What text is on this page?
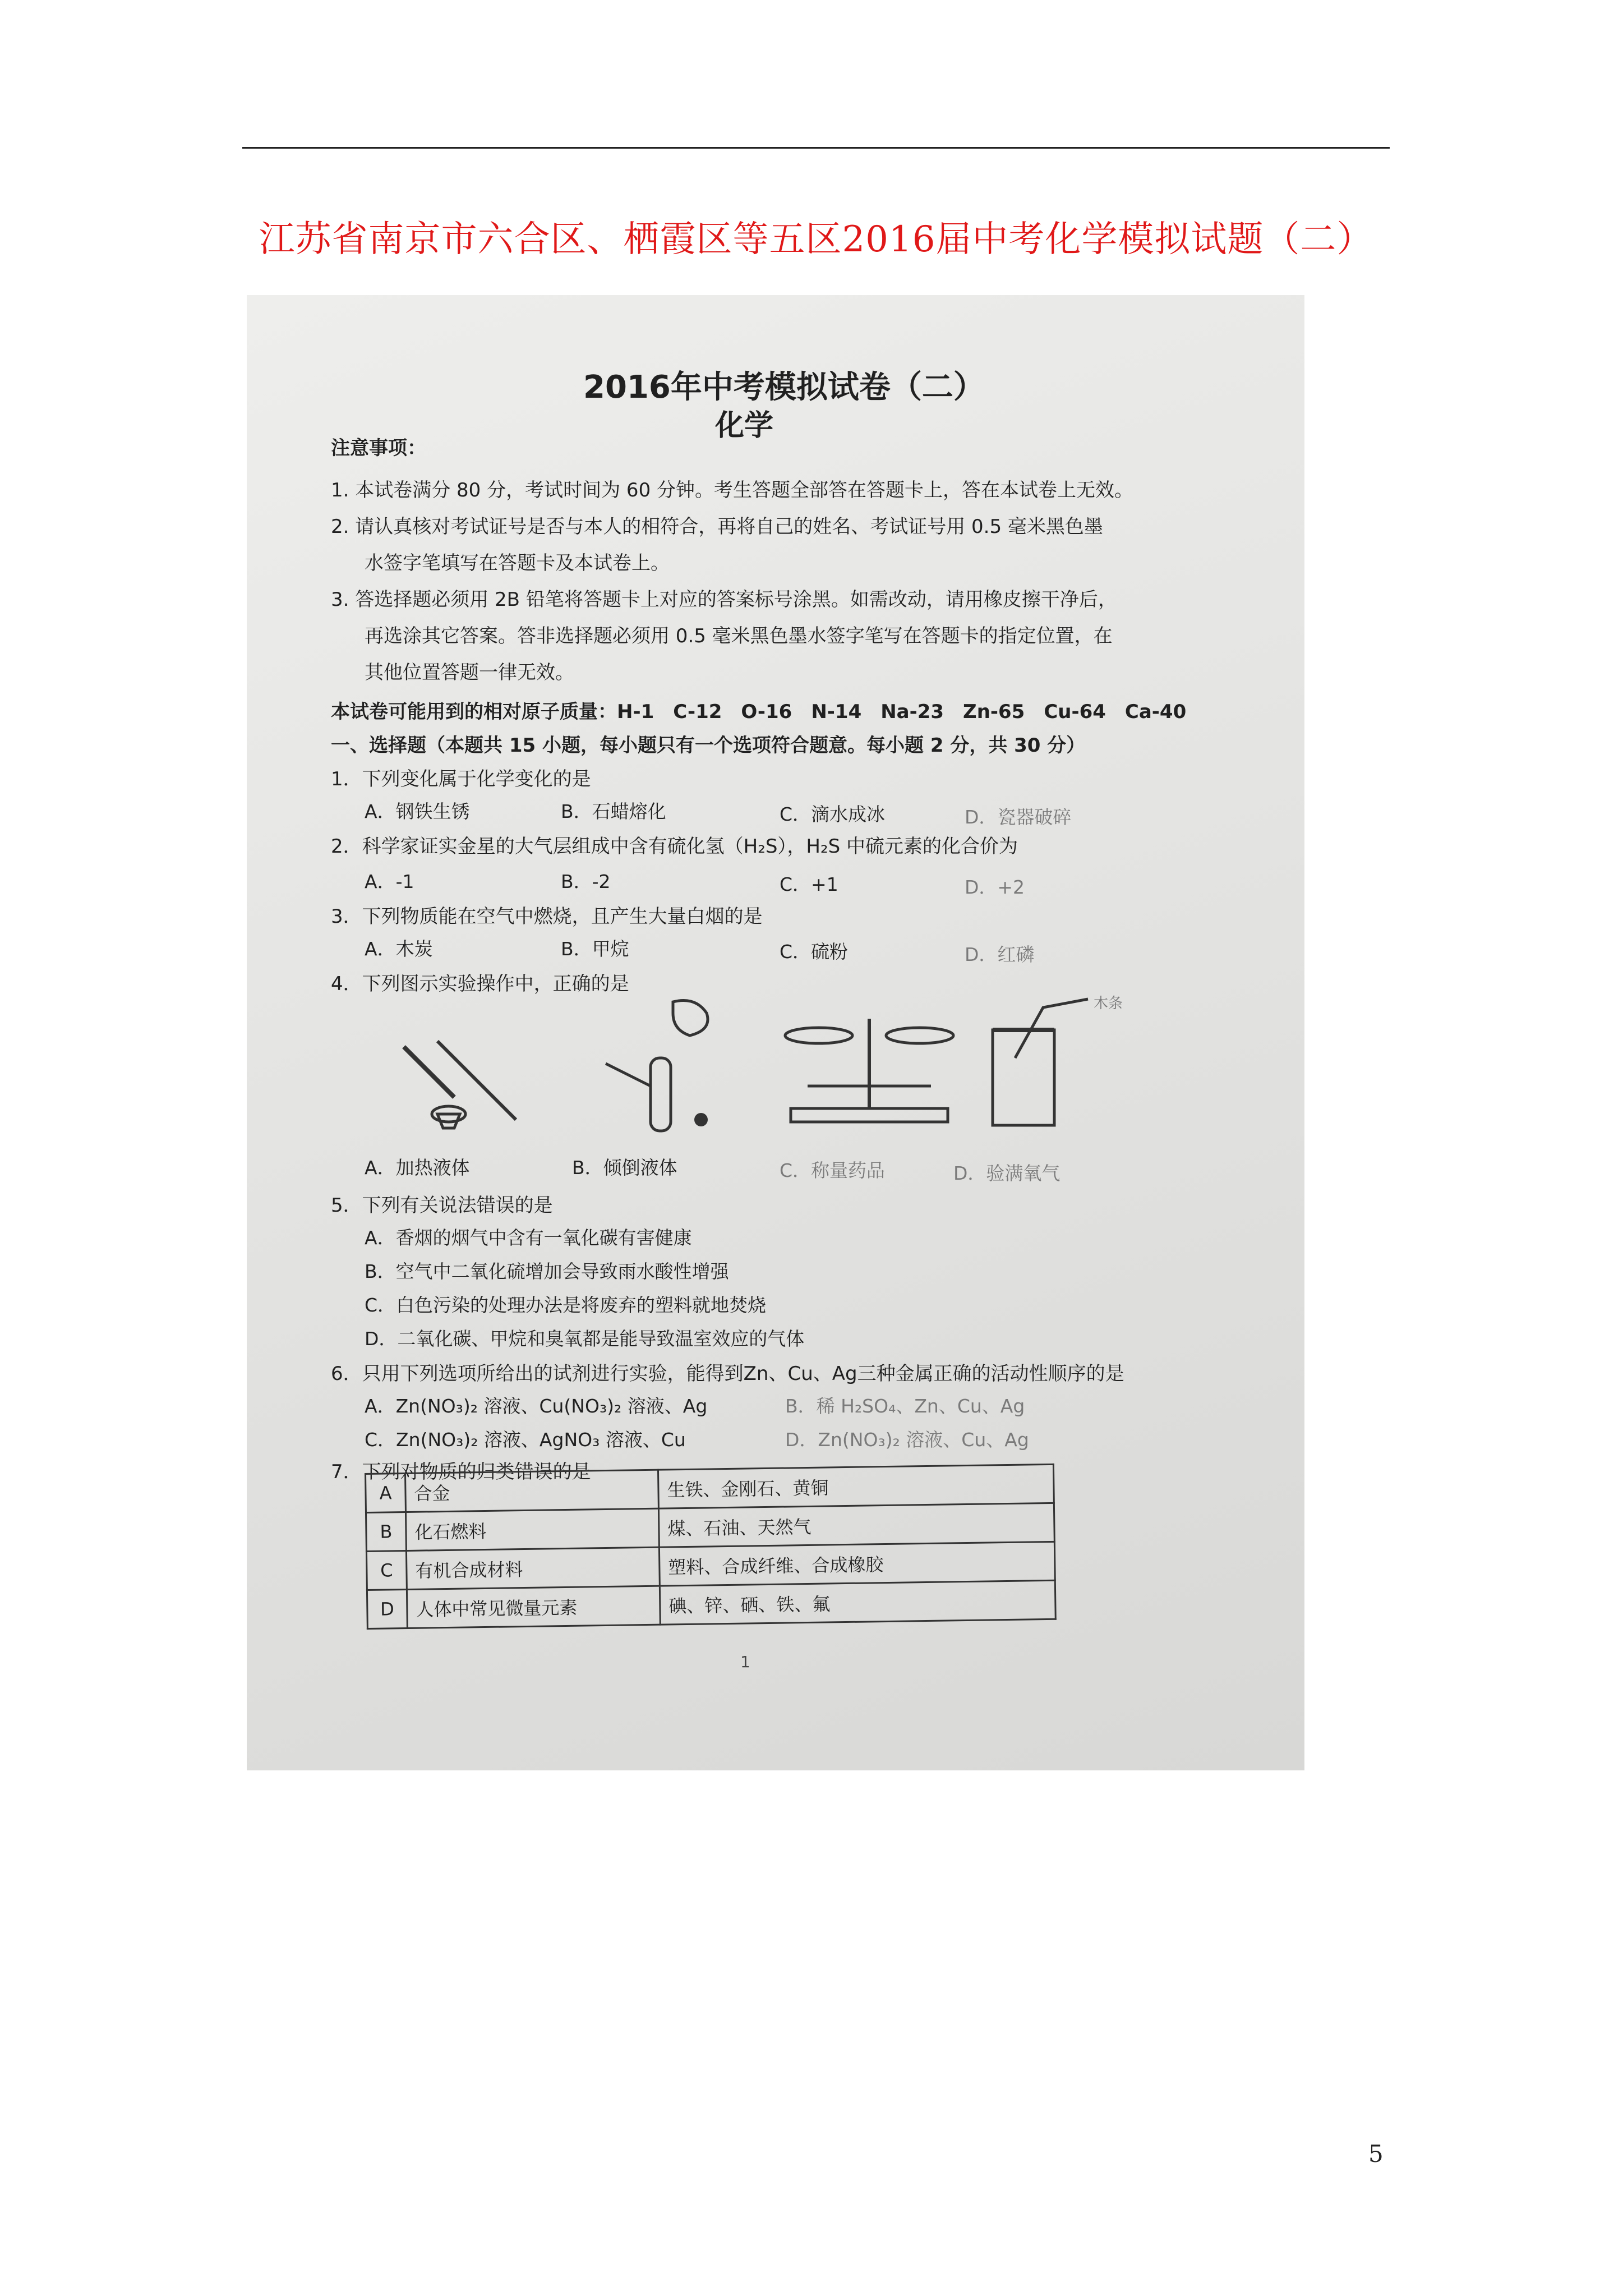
江苏省南京市六合区、栖霞区等五区2016届中考化学模拟试题（二）
2016年中考模拟试卷（二）
化学
注意事项：
1. 本试卷满分 80 分，考试时间为 60 分钟。考生答题全部答在答题卡上，答在本试卷上无效。
2. 请认真核对考试证号是否与本人的相符合，再将自己的姓名、考试证号用 0.5 毫米黑色墨
水签字笔填写在答题卡及本试卷上。
3. 答选择题必须用 2B 铅笔将答题卡上对应的答案标号涂黑。如需改动，请用橡皮擦干净后，
再选涂其它答案。答非选择题必须用 0.5 毫米黑色墨水签字笔写在答题卡的指定位置，在
其他位置答题一律无效。
本试卷可能用到的相对原子质量：H-1　C-12　O-16　N-14　Na-23　Zn-65　Cu-64　Ca-40
一、选择题（本题共 15 小题，每小题只有一个选项符合题意。每小题 2 分，共 30 分）
1．下列变化属于化学变化的是
A．钢铁生锈	B．石蜡熔化	C．滴水成冰	D．瓷器破碎
2．科学家证实金星的大气层组成中含有硫化氢（H₂S），H₂S 中硫元素的化合价为
A．-1	B．-2	C．+1	D．+2
3．下列物质能在空气中燃烧，且产生大量白烟的是
A．木炭	B．甲烷	C．硫粉	D．红磷
4．下列图示实验操作中，正确的是
木条
A．加热液体	B．倾倒液体	C．称量药品	D．验满氧气
5．下列有关说法错误的是
A．香烟的烟气中含有一氧化碳有害健康
B．空气中二氧化硫增加会导致雨水酸性增强
C．白色污染的处理办法是将废弃的塑料就地焚烧
D．二氧化碳、甲烷和臭氧都是能导致温室效应的气体
6．只用下列选项所给出的试剂进行实验，能得到Zn、Cu、Ag三种金属正确的活动性顺序的是
A．Zn(NO₃)₂ 溶液、Cu(NO₃)₂ 溶液、Ag	B．稀 H₂SO₄、Zn、Cu、Ag
C．Zn(NO₃)₂ 溶液、AgNO₃ 溶液、Cu	D．Zn(NO₃)₂ 溶液、Cu、Ag
7．下列对物质的归类错误的是
A	合金	生铁、金刚石、黄铜
B	化石燃料	煤、石油、天然气
C	有机合成材料	塑料、合成纤维、合成橡胶
D	人体中常见微量元素	碘、锌、硒、铁、氟
1
5
